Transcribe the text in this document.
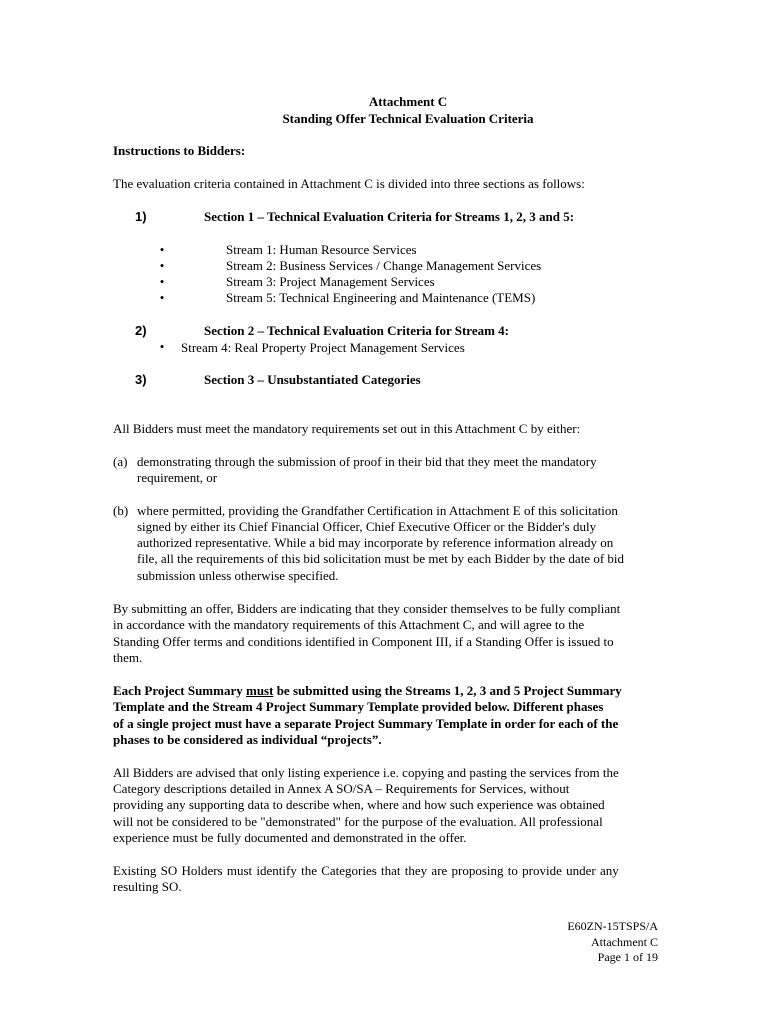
Attachment C
Standing Offer Technical Evaluation Criteria
Instructions to Bidders:
The evaluation criteria contained in Attachment C is divided into three sections as follows:
1)	Section 1 – Technical Evaluation Criteria for Streams 1, 2, 3 and 5:
•	Stream 1: Human Resource Services
•	Stream 2: Business Services / Change Management Services
•	Stream 3: Project Management Services
•	Stream 5: Technical Engineering and Maintenance (TEMS)
2)	Section 2 – Technical Evaluation Criteria for Stream 4:
•	Stream 4: Real Property Project Management Services
3)	Section 3 – Unsubstantiated Categories
All Bidders must meet the mandatory requirements set out in this Attachment C by either:
(a) demonstrating through the submission of proof in their bid that they meet the mandatory
requirement, or
(b) where permitted, providing the Grandfather Certification in Attachment E of this solicitation
signed by either its Chief Financial Officer, Chief Executive Officer or the Bidder's duly
authorized representative. While a bid may incorporate by reference information already on
file, all the requirements of this bid solicitation must be met by each Bidder by the date of bid
submission unless otherwise specified.
By submitting an offer, Bidders are indicating that they consider themselves to be fully compliant
in accordance with the mandatory requirements of this Attachment C, and will agree to the
Standing Offer terms and conditions identified in Component III, if a Standing Offer is issued to
them.
Each Project Summary must be submitted using the Streams 1, 2, 3 and 5 Project Summary
Template and the Stream 4 Project Summary Template provided below. Different phases
of a single project must have a separate Project Summary Template in order for each of the
phases to be considered as individual “projects”.
All Bidders are advised that only listing experience i.e. copying and pasting the services from the
Category descriptions detailed in Annex A SO/SA – Requirements for Services, without
providing any supporting data to describe when, where and how such experience was obtained
will not be considered to be "demonstrated" for the purpose of the evaluation. All professional
experience must be fully documented and demonstrated in the offer.
Existing SO Holders must identify the Categories that they are proposing to provide under any
resulting SO.
E60ZN-15TSPS/A
Attachment C
Page 1 of 19
